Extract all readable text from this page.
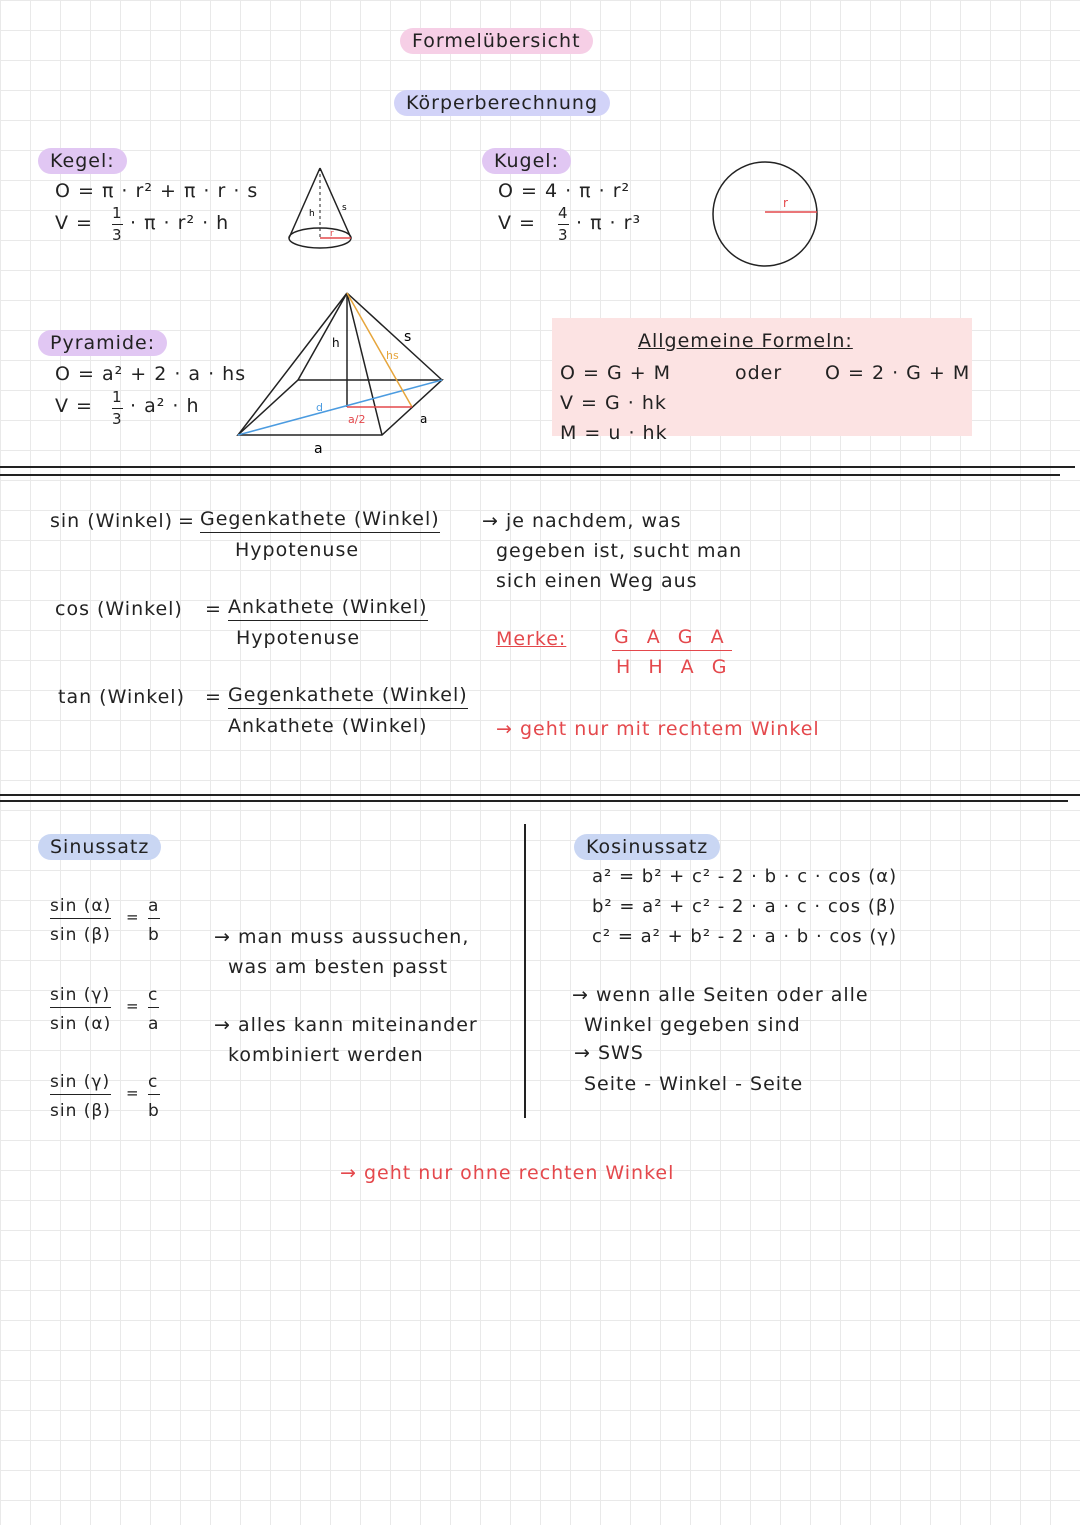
Formelübersicht
Körperberechnung
Kegel:
O = π · r² + π · r · s
$V = \frac{1}{3} \cdot \pi \cdot r^2 \cdot h$	h
s
r
Kugel:
O = 4 · π · r²
$V = \frac{4}{3} \cdot \pi \cdot r^3$
r
Pyramide:
O = a² + 2 · a · hs
$V = \frac{1}{3} \cdot a^2 \cdot h$
h	s
hs
d
a/2	a
a
Allgemeine Formeln:
O = G + M
V = G · hk
M = u · hk
oder O = 2 · G + M
sin (Winkel) = Gegenkathete (Winkel)
Hypotenuse
cos (Winkel) = Ankathete (Winkel)
Hypotenuse
tan (Winkel) = Gegenkathete (Winkel)
Ankathete (Winkel)
→ je nachdem, was
gegeben ist, sucht man
sich einen Weg aus
Merke:	G A G A
H H A G
→ geht nur mit rechtem Winkel
Sinussatz
$\frac{\sin (\alpha)}{\sin (\beta)} = \frac{a}{b}$
$\frac{\sin (\gamma)}{\sin (\alpha)} = \frac{c}{a}$
$\frac{\sin (\gamma)}{\sin (\beta)} = \frac{c}{b}$
→ man muss aussuchen,
was am besten passt
→ alles kann miteinander
kombiniert werden
Kosinussatz
a² = b² + c² - 2 · b · c · cos (α)
b² = a² + c² - 2 · a · c · cos (β)
c² = a² + b² - 2 · a · b · cos (γ)
→ wenn alle Seiten oder alle
Winkel gegeben sind
→ SWS
Seite - Winkel - Seite
→ geht nur ohne rechten Winkel
